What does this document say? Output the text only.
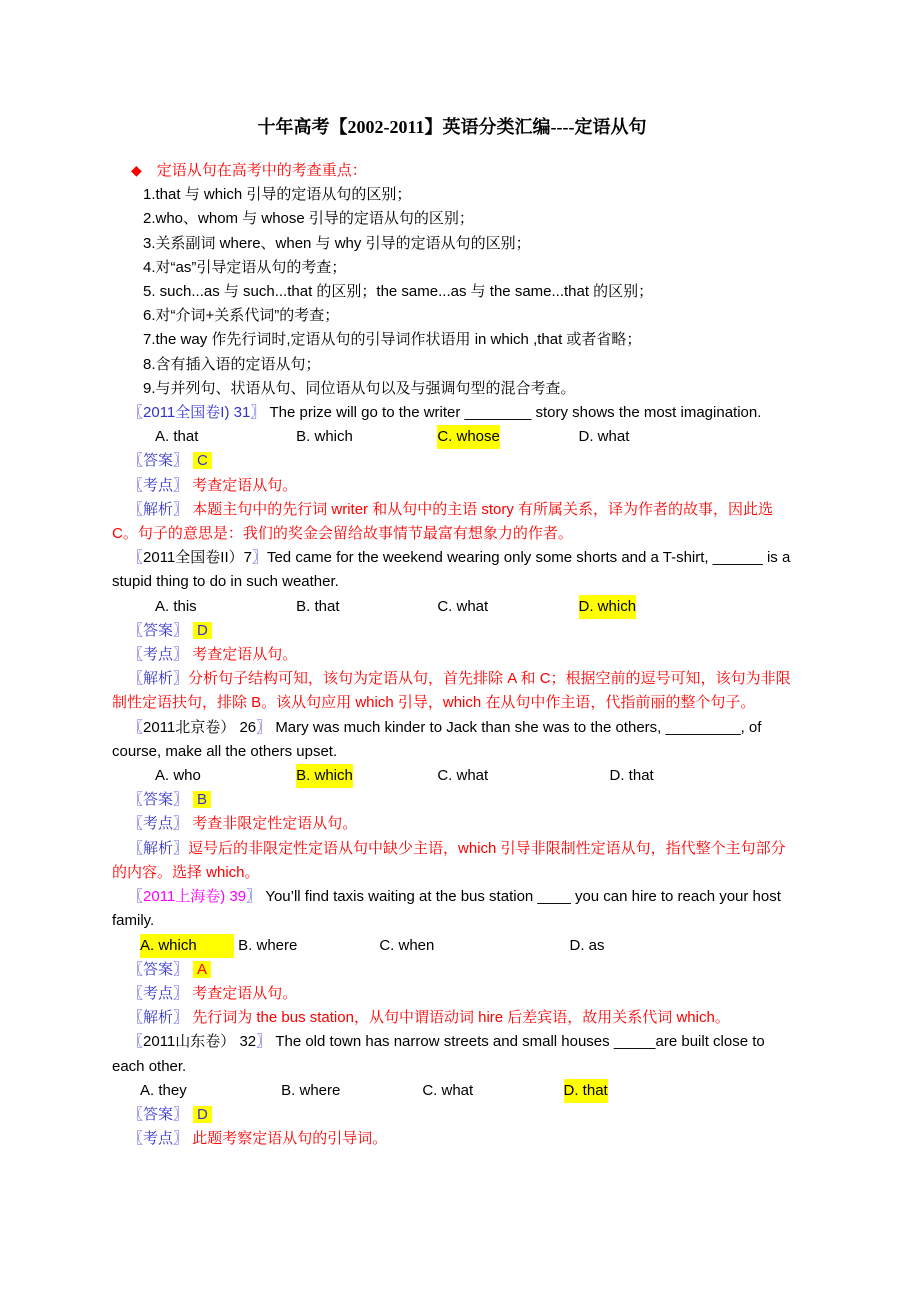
十年高考【2002-2011】英语分类汇编----定语从句

◆ 定语从句在高考中的考查重点：

1.that 与 which 引导的定语从句的区别；

2.who、whom 与 whose 引导的定语从句的区别；

3.关系副词 where、when 与 why 引导的定语从句的区别；

4.对“as”引导定语从句的考查；

5. such...as 与 such...that 的区别；the same...as 与 the same...that 的区别；

6.对“介词+关系代词”的考查；

7.the way 作先行词时,定语从句的引导词作状语用 in which ,that 或者省略；

8.含有插入语的定语从句；

9.与并列句、状语从句、同位语从句以及与强调句型的混合考查。

〖2011全国卷I) 31〗 The prize will go to the writer ________ story shows the most imagination.

A. that	B. which	C. whose	D. what

〖答案〗 C

〖考点〗 考查定语从句。

〖解析〗 本题主句中的先行词 writer 和从句中的主语 story 有所属关系，译为作者的故事，因此选 C。句子的意思是：我们的奖金会留给故事情节最富有想象力的作者。

〖2011全国卷II）7〗Ted came for the weekend wearing only some shorts and a T-shirt, ______ is a stupid thing to do in such weather.

A. this	B. that	C. what	D. which

〖答案〗 D

〖考点〗 考查定语从句。

〖解析〗分析句子结构可知，该句为定语从句，首先排除 A 和 C；根据空前的逗号可知，该句为非限制性定语扶句，排除 B。该从句应用 which 引导，which 在从句中作主语，代指前丽的整个句子。

〖2011北京卷） 26〗 Mary was much kinder to Jack than she was to the others, _________, of course, make all the others upset.

A. who	B. which	C. what	D. that

〖答案〗 B

〖考点〗 考查非限定性定语从句。

〖解析〗逗号后的非限定性定语从句中缺少主语，which 引导非限制性定语从句，指代整个主句部分的内容。选择 which。

〖2011上海卷) 39〗 You’ll find taxis waiting at the bus station ____ you can hire to reach your host family.

A. which	B. where	C. when	D. as

〖答案〗 A

〖考点〗 考查定语从句。

〖解析〗 先行词为 the bus station，从句中谓语动词 hire 后差宾语，故用关系代词 which。

〖2011山东卷） 32〗 The old town has narrow streets and small houses _____are built close to each other.

A. they	B. where	C. what	D. that

〖答案〗 D

〖考点〗 此题考察定语从句的引导词。
